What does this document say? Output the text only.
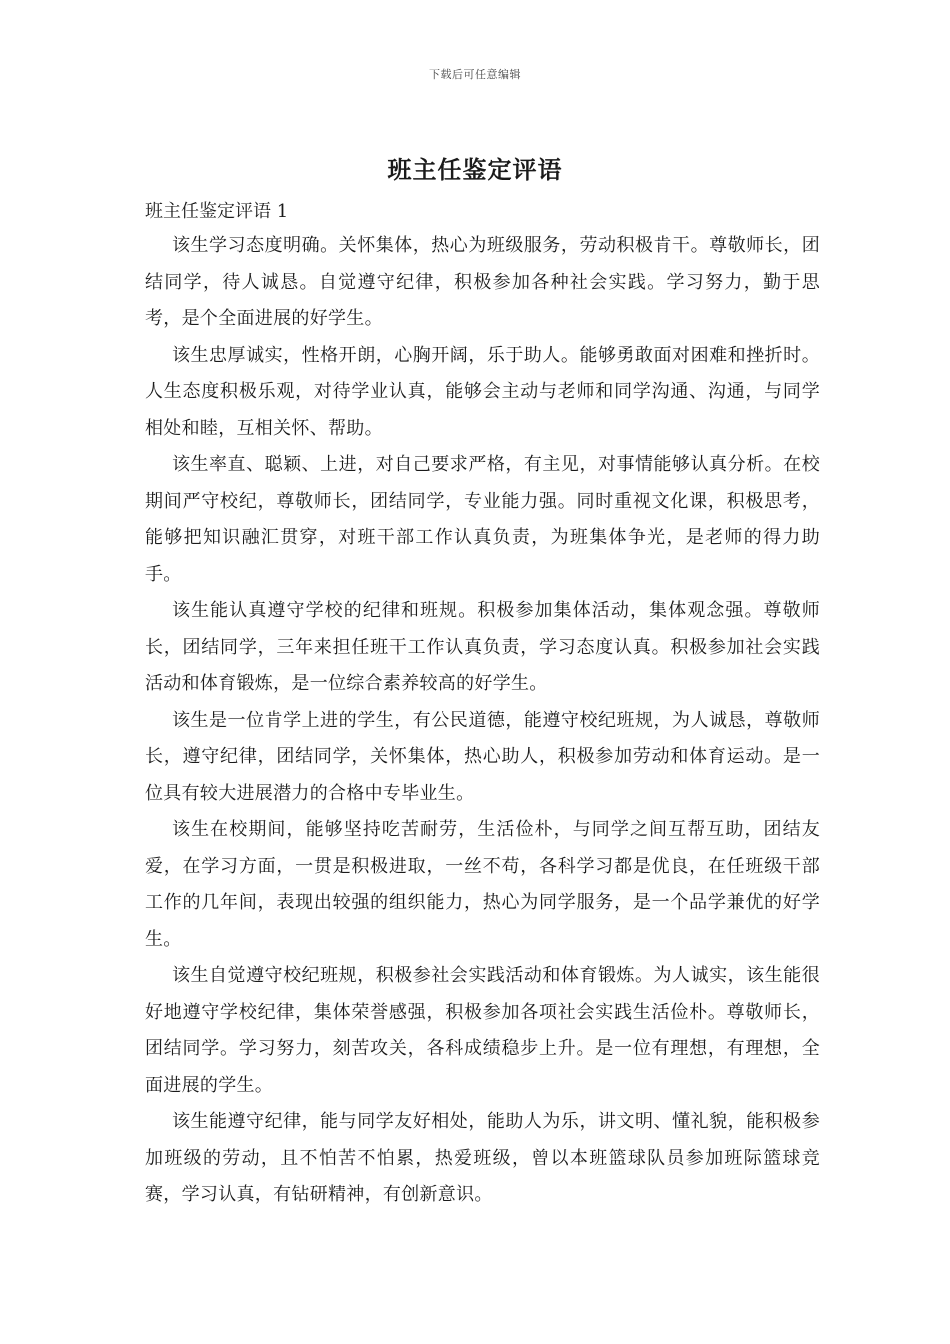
下载后可任意编辑
班主任鉴定评语

班主任鉴定评语 1

该生学习态度明确。关怀集体，热心为班级服务，劳动积极肯干。尊敬师长，团结同学，待人诚恳。自觉遵守纪律，积极参加各种社会实践。学习努力，勤于思考，是个全面进展的好学生。

该生忠厚诚实，性格开朗，心胸开阔，乐于助人。能够勇敢面对困难和挫折时。人生态度积极乐观，对待学业认真，能够会主动与老师和同学沟通、沟通，与同学相处和睦，互相关怀、帮助。

该生率直、聪颖、上进，对自己要求严格，有主见，对事情能够认真分析。在校期间严守校纪，尊敬师长，团结同学，专业能力强。同时重视文化课，积极思考，能够把知识融汇贯穿，对班干部工作认真负责，为班集体争光，是老师的得力助手。

该生能认真遵守学校的纪律和班规。积极参加集体活动，集体观念强。尊敬师长，团结同学，三年来担任班干工作认真负责，学习态度认真。积极参加社会实践活动和体育锻炼，是一位综合素养较高的好学生。

该生是一位肯学上进的学生，有公民道德，能遵守校纪班规，为人诚恳，尊敬师长，遵守纪律，团结同学，关怀集体，热心助人，积极参加劳动和体育运动。是一位具有较大进展潜力的合格中专毕业生。

该生在校期间，能够坚持吃苦耐劳，生活俭朴，与同学之间互帮互助，团结友爱，在学习方面，一贯是积极进取，一丝不苟，各科学习都是优良，在任班级干部工作的几年间，表现出较强的组织能力，热心为同学服务，是一个品学兼优的好学生。

该生自觉遵守校纪班规，积极参社会实践活动和体育锻炼。为人诚实，该生能很好地遵守学校纪律，集体荣誉感强，积极参加各项社会实践生活俭朴。尊敬师长，团结同学。学习努力，刻苦攻关，各科成绩稳步上升。是一位有理想，有理想，全面进展的学生。

该生能遵守纪律，能与同学友好相处，能助人为乐，讲文明、懂礼貌，能积极参加班级的劳动，且不怕苦不怕累，热爱班级，曾以本班篮球队员参加班际篮球竞赛，学习认真，有钻研精神，有创新意识。
